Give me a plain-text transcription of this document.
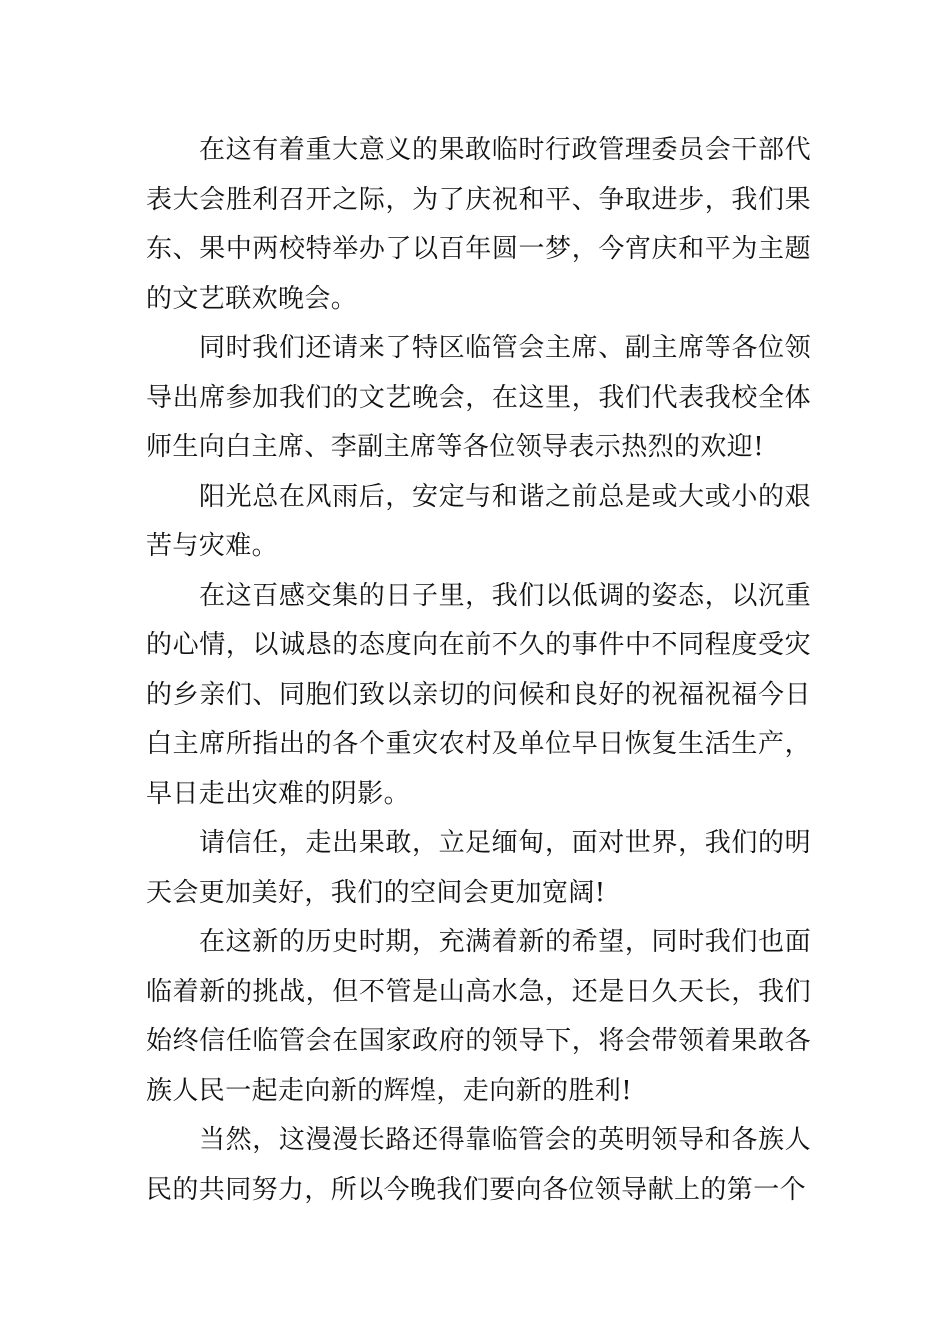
在这有着重大意义的果敢临时行政管理委员会干部代表大会胜利召开之际，为了庆祝和平、争取进步，我们果东、果中两校特举办了以百年圆一梦，今宵庆和平为主题的文艺联欢晚会。

同时我们还请来了特区临管会主席、副主席等各位领导出席参加我们的文艺晚会，在这里，我们代表我校全体师生向白主席、李副主席等各位领导表示热烈的欢迎!

阳光总在风雨后，安定与和谐之前总是或大或小的艰苦与灾难。

在这百感交集的日子里，我们以低调的姿态，以沉重的心情，以诚恳的态度向在前不久的事件中不同程度受灾的乡亲们、同胞们致以亲切的问候和良好的祝福祝福今日白主席所指出的各个重灾农村及单位早日恢复生活生产，早日走出灾难的阴影。

请信任，走出果敢，立足缅甸，面对世界，我们的明天会更加美好，我们的空间会更加宽阔!

在这新的历史时期，充满着新的希望，同时我们也面临着新的挑战，但不管是山高水急，还是日久天长，我们始终信任临管会在国家政府的领导下，将会带领着果敢各族人民一起走向新的辉煌，走向新的胜利!

当然，这漫漫长路还得靠临管会的英明领导和各族人民的共同努力，所以今晚我们要向各位领导献上的第一个
